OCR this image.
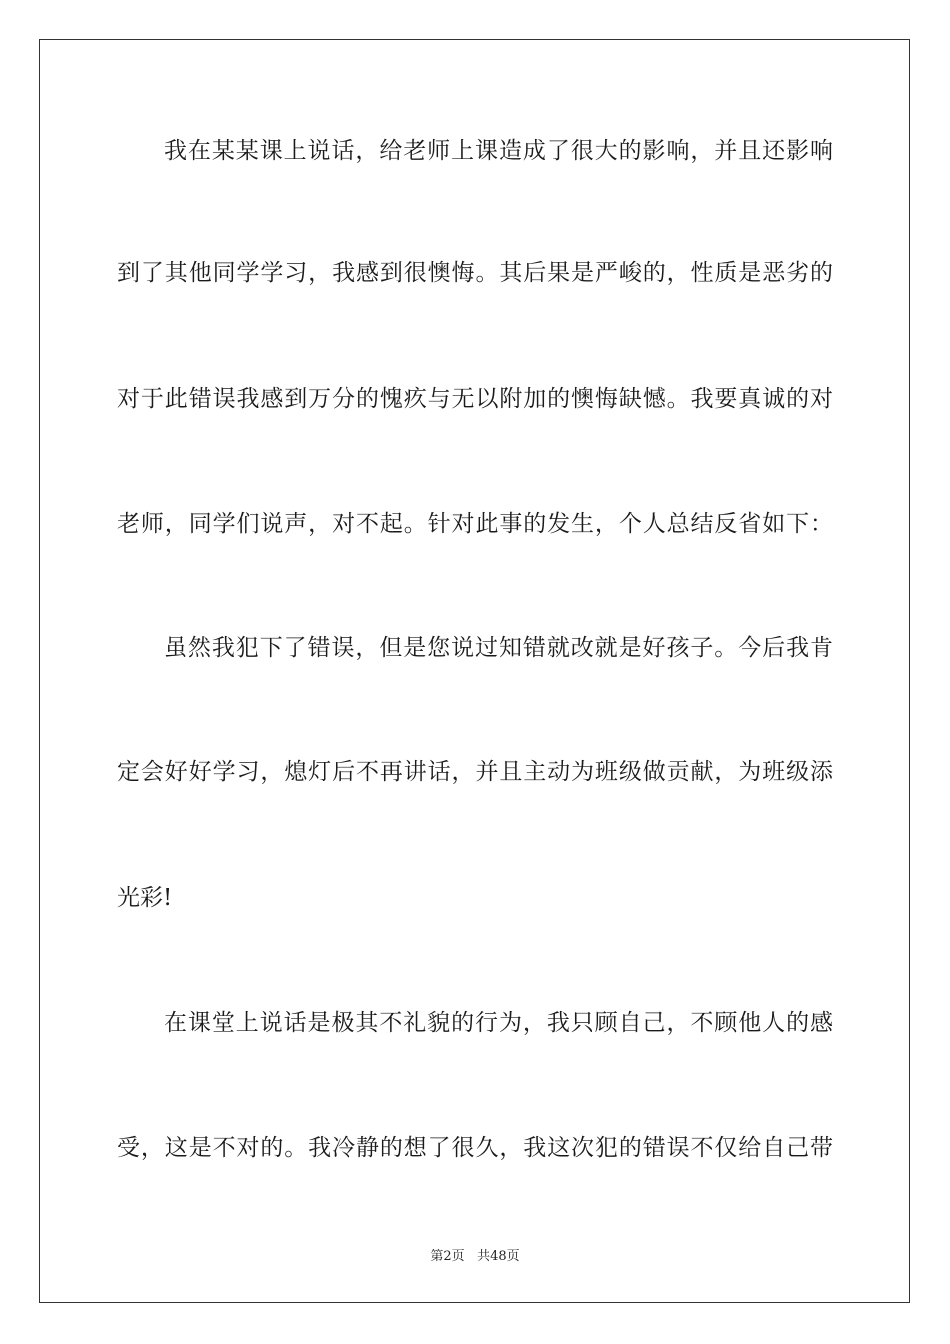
我在某某课上说话，给老师上课造成了很大的影响，并且还影响
到了其他同学学习，我感到很懊悔。其后果是严峻的，性质是恶劣的
对于此错误我感到万分的愧疚与无以附加的懊悔缺憾。我要真诚的对
老师，同学们说声，对不起。针对此事的发生，个人总结反省如下：
虽然我犯下了错误，但是您说过知错就改就是好孩子。今后我肯
定会好好学习，熄灯后不再讲话，并且主动为班级做贡献，为班级添
光彩!
在课堂上说话是极其不礼貌的行为，我只顾自己，不顾他人的感
受，这是不对的。我冷静的想了很久，我这次犯的错误不仅给自己带
第2页 共48页
